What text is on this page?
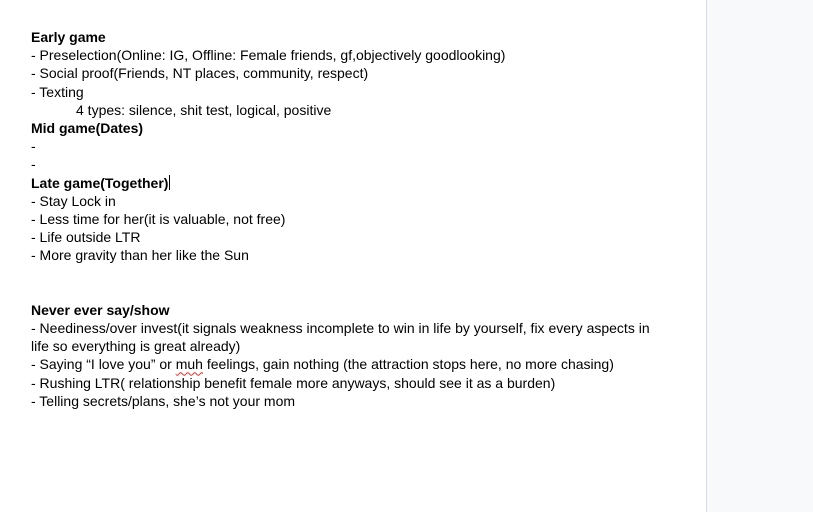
Early game
- Preselection(Online: IG, Offline: Female friends, gf,objectively goodlooking)
- Social proof(Friends, NT places, community, respect)
- Texting
4 types: silence, shit test, logical, positive
Mid game(Dates)
-
-
Late game(Together)
- Stay Lock in
- Less time for her(it is valuable, not free)
- Life outside LTR
- More gravity than her like the Sun
Never ever say/show
- Neediness/over invest(it signals weakness incomplete to win in life by yourself, fix every aspects in life so everything is great already)
- Saying “I love you” or muh feelings, gain nothing (the attraction stops here, no more chasing)
- Rushing LTR( relationship benefit female more anyways, should see it as a burden)
- Telling secrets/plans, she’s not your mom
